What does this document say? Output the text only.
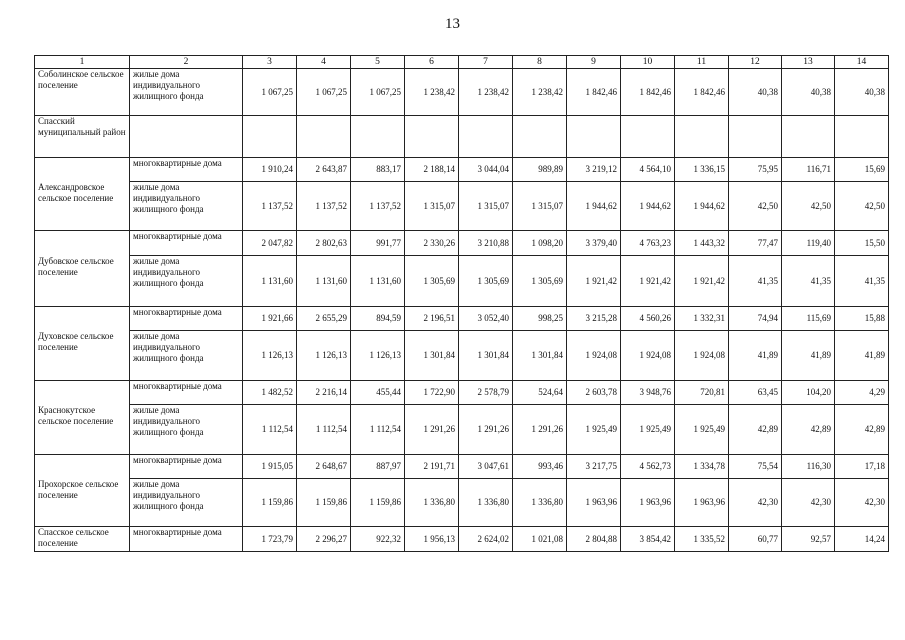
13
1	2	3	4	5	6	7	8	9	10	11	12	13	14
Соболинское сельское поселение	жилые дома индивидуального жилищного фонда	1 067,25	1 067,25	1 067,25	1 238,42	1 238,42	1 238,42	1 842,46	1 842,46	1 842,46	40,38	40,38	40,38
Спасский муниципальный район													
	многоквартирные дома	1 910,24	2 643,87	883,17	2 188,14	3 044,04	989,89	3 219,12	4 564,10	1 336,15	75,95	116,71	15,69
Александровское сельское поселение	жилые дома индивидуального жилищного фонда	1 137,52	1 137,52	1 137,52	1 315,07	1 315,07	1 315,07	1 944,62	1 944,62	1 944,62	42,50	42,50	42,50
	многоквартирные дома	2 047,82	2 802,63	991,77	2 330,26	3 210,88	1 098,20	3 379,40	4 763,23	1 443,32	77,47	119,40	15,50
Дубовское сельское поселение	жилые дома индивидуального жилищного фонда	1 131,60	1 131,60	1 131,60	1 305,69	1 305,69	1 305,69	1 921,42	1 921,42	1 921,42	41,35	41,35	41,35
	многоквартирные дома	1 921,66	2 655,29	894,59	2 196,51	3 052,40	998,25	3 215,28	4 560,26	1 332,31	74,94	115,69	15,88
Духовское сельское поселение	жилые дома индивидуального жилищного фонда	1 126,13	1 126,13	1 126,13	1 301,84	1 301,84	1 301,84	1 924,08	1 924,08	1 924,08	41,89	41,89	41,89
	многоквартирные дома	1 482,52	2 216,14	455,44	1 722,90	2 578,79	524,64	2 603,78	3 948,76	720,81	63,45	104,20	4,29
Краснокутское сельское поселение	жилые дома индивидуального жилищного фонда	1 112,54	1 112,54	1 112,54	1 291,26	1 291,26	1 291,26	1 925,49	1 925,49	1 925,49	42,89	42,89	42,89
	многоквартирные дома	1 915,05	2 648,67	887,97	2 191,71	3 047,61	993,46	3 217,75	4 562,73	1 334,78	75,54	116,30	17,18
Прохорское сельское поселение	жилые дома индивидуального жилищного фонда	1 159,86	1 159,86	1 159,86	1 336,80	1 336,80	1 336,80	1 963,96	1 963,96	1 963,96	42,30	42,30	42,30
Спасское сельское поселение	многоквартирные дома	1 723,79	2 296,27	922,32	1 956,13	2 624,02	1 021,08	2 804,88	3 854,42	1 335,52	60,77	92,57	14,24
